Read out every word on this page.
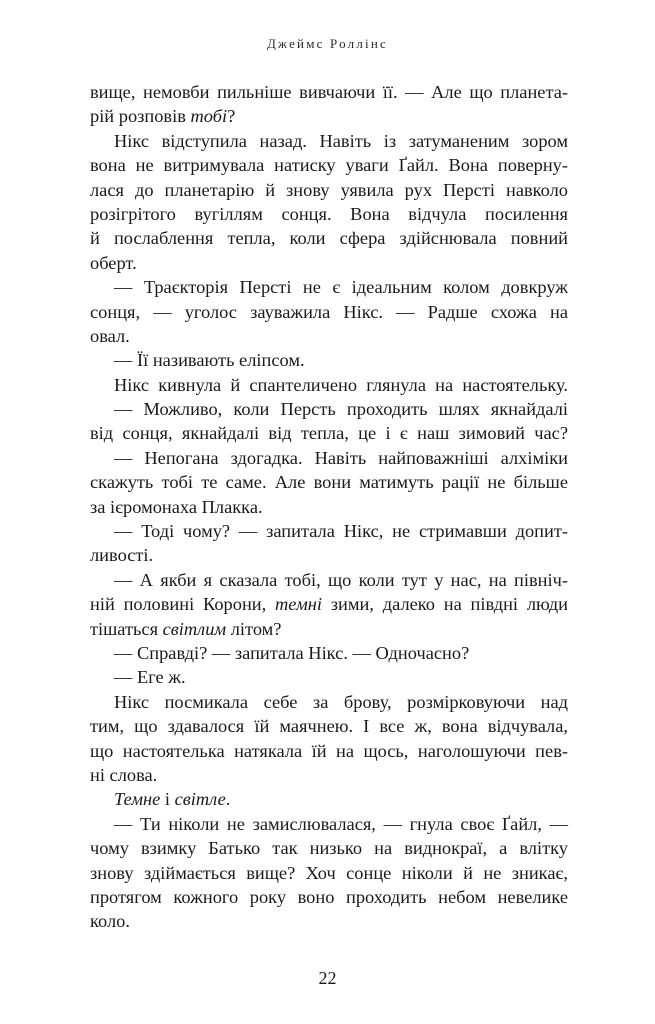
Джеймс Роллінс
вище, немовби пильніше вивчаючи її. — Але що планета-
рій розповів тобі?
Нікс відступила назад. Навіть із затуманеним зором
вона не витримувала натиску уваги Ґайл. Вона поверну-
лася до планетарію й знову уявила рух Персті навколо
розігрітого вугіллям сонця. Вона відчула посилення
й послаблення тепла, коли сфера здійснювала повний
оберт.
— Траєкторія Персті не є ідеальним колом довкруж
сонця, — уголос зауважила Нікс. — Радше схожа на
овал.
— Її називають еліпсом.
Нікс кивнула й спантеличено глянула на настоятельку.
— Можливо, коли Персть проходить шлях якнайдалі
від сонця, якнайдалі від тепла, це і є наш зимовий час?
— Непогана здогадка. Навіть найповажніші алхіміки
скажуть тобі те саме. Але вони матимуть рації не більше
за ієромонаха Плакка.
— Тоді чому? — запитала Нікс, не стримавши допит-
ливості.
— А якби я сказала тобі, що коли тут у нас, на північ-
ній половині Корони, темні зими, далеко на півдні люди
тішаться світлим літом?
— Справді? — запитала Нікс. — Одночасно?
— Еге ж.
Нікс посмикала себе за брову, розмірковуючи над
тим, що здавалося їй маячнею. І все ж, вона відчувала,
що настоятелька натякала їй на щось, наголошуючи пев-
ні слова.
Темне і світле.
— Ти ніколи не замислювалася, — гнула своє Ґайл, —
чому взимку Батько так низько на виднокраї, а влітку
знову здіймається вище? Хоч сонце ніколи й не зникає,
протягом кожного року воно проходить небом невелике
коло.
22
